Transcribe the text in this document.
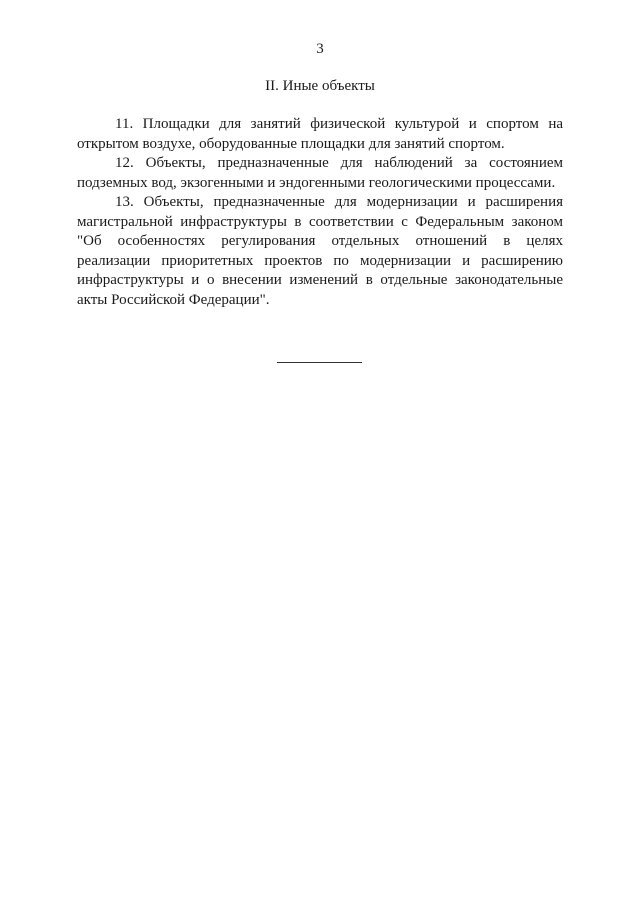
3
II. Иные объекты

11. Площадки для занятий физической культурой и спортом на открытом воздухе, оборудованные площадки для занятий спортом.

12. Объекты, предназначенные для наблюдений за состоянием подземных вод, экзогенными и эндогенными геологическими процессами.

13. Объекты, предназначенные для модернизации и расширения магистральной инфраструктуры в соответствии с Федеральным законом "Об особенностях регулирования отдельных отношений в целях реализации приоритетных проектов по модернизации и расширению инфраструктуры и о внесении изменений в отдельные законодательные акты Российской Федерации".
